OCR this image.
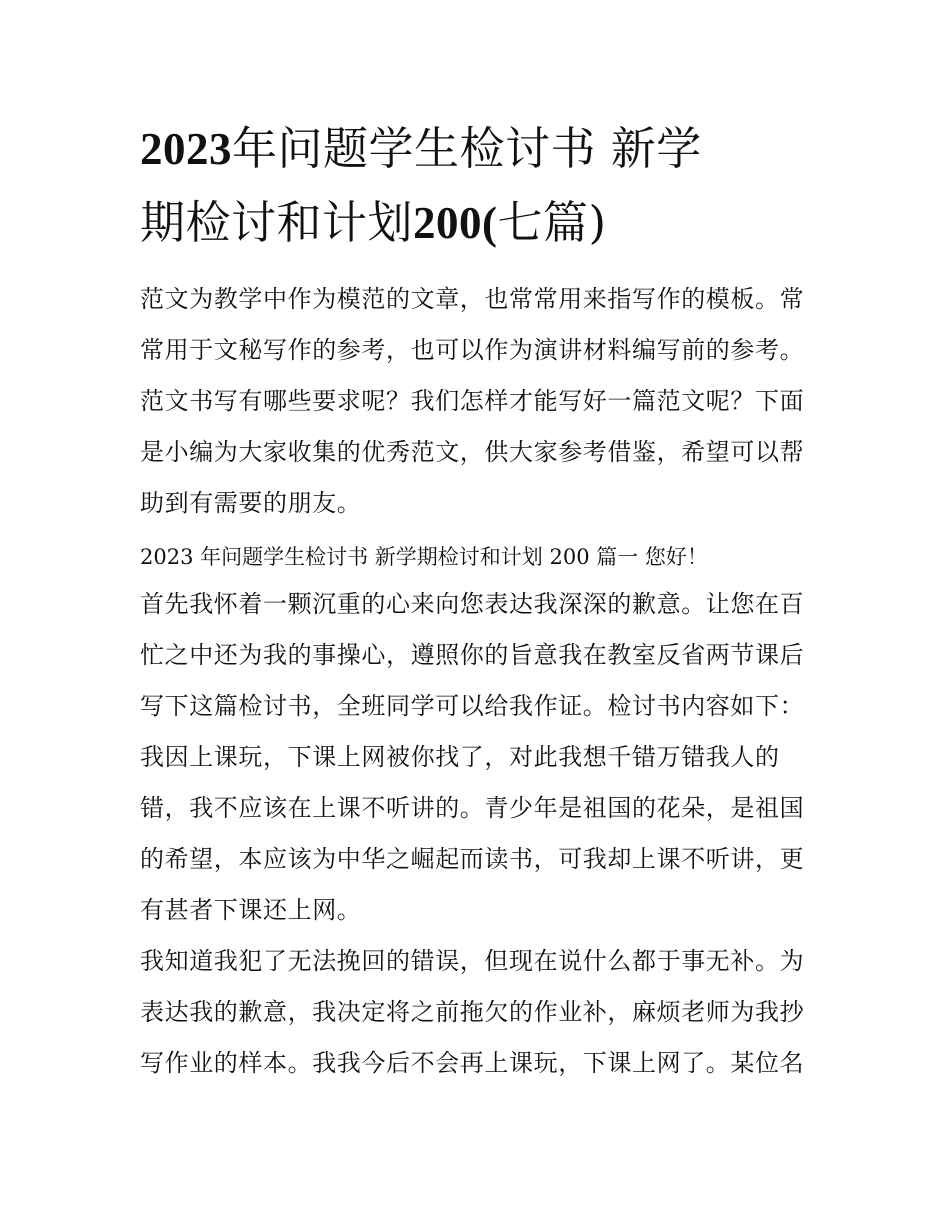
2023年问题学生检讨书 新学
期检讨和计划200(七篇)

范文为教学中作为模范的文章，也常常用来指写作的模板。常常用于文秘写作的参考，也可以作为演讲材料编写前的参考。范文书写有哪些要求呢？我们怎样才能写好一篇范文呢？下面是小编为大家收集的优秀范文，供大家参考借鉴，希望可以帮助到有需要的朋友。

2023 年问题学生检讨书 新学期检讨和计划 200 篇一 您好！

首先我怀着一颗沉重的心来向您表达我深深的歉意。让您在百忙之中还为我的事操心，遵照你的旨意我在教室反省两节课后写下这篇检讨书，全班同学可以给我作证。检讨书内容如下：我因上课玩，下课上网被你找了，对此我想千错万错我人的错，我不应该在上课不听讲的。青少年是祖国的花朵，是祖国的希望，本应该为中华之崛起而读书，可我却上课不听讲，更有甚者下课还上网。

我知道我犯了无法挽回的错误，但现在说什么都于事无补。为表达我的歉意，我决定将之前拖欠的作业补，麻烦老师为我抄写作业的样本。我我今后不会再上课玩，下课上网了。某位名
